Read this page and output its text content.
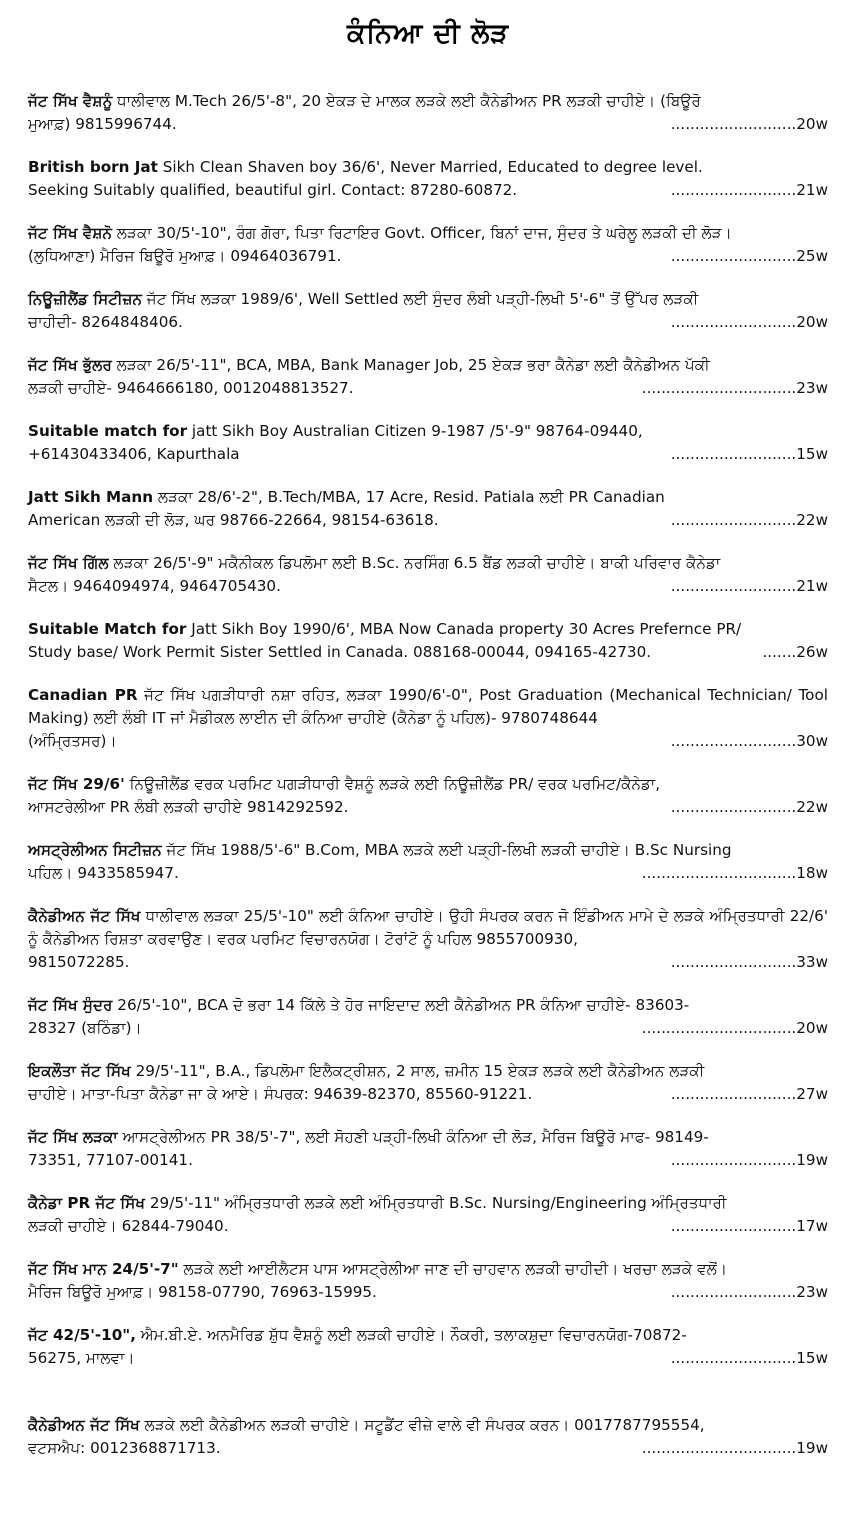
ਕੰਨਿਆ ਦੀ ਲੋੜ
ਜੱਟ ਸਿੱਖ ਵੈਸ਼ਨੂੰ ਧਾਲੀਵਾਲ M.Tech 26/5'-8", 20 ਏਕੜ ਦੇ ਮਾਲਕ ਲੜਕੇ ਲਈ ਕੈਨੇਡੀਅਨ PR ਲੜਕੀ ਚਾਹੀਏ। (ਬਿਊਰੋ
ਮੁਆਫ਼) 9815996744.	..........................20w
British born Jat Sikh Clean Shaven boy 36/6', Never Married, Educated to degree level.
Seeking Suitably qualified, beautiful girl. Contact: 87280-60872.	..........................21w
ਜੱਟ ਸਿੱਖ ਵੈਸ਼ਨੋ ਲੜਕਾ 30/5'-10", ਰੰਗ ਗੋਰਾ, ਪਿਤਾ ਰਿਟਾਇਰ Govt. Officer, ਬਿਨਾਂ ਦਾਜ, ਸੁੰਦਰ ਤੇ ਘਰੇਲੂ ਲੜਕੀ ਦੀ ਲੋੜ।
(ਲੁਧਿਆਣਾ) ਮੈਰਿਜ ਬਿਊਰੋ ਮੁਆਫ਼। 09464036791.	..........................25w
ਨਿਊਜ਼ੀਲੈਂਡ ਸਿਟੀਜ਼ਨ ਜੱਟ ਸਿੱਖ ਲੜਕਾ 1989/6', Well Settled ਲਈ ਸੁੰਦਰ ਲੰਬੀ ਪੜ੍ਹੀ-ਲਿਖੀ 5'-6" ਤੋਂ ਉੱਪਰ ਲੜਕੀ
ਚਾਹੀਦੀ- 8264848406.	..........................20w
ਜੱਟ ਸਿੱਖ ਭੁੱਲਰ ਲੜਕਾ 26/5'-11", BCA, MBA, Bank Manager Job, 25 ਏਕੜ ਭਰਾ ਕੈਨੇਡਾ ਲਈ ਕੈਨੇਡੀਅਨ ਪੱਕੀ
ਲੜਕੀ ਚਾਹੀਏ- 9464666180, 0012048813527.	................................23w
Suitable match for jatt Sikh Boy Australian Citizen 9-1987 /5'-9" 98764-09440,
+61430433406, Kapurthala	..........................15w
Jatt Sikh Mann ਲੜਕਾ 28/6'-2", B.Tech/MBA, 17 Acre, Resid. Patiala ਲਈ PR Canadian
American ਲੜਕੀ ਦੀ ਲੋੜ, ਘਰ 98766-22664, 98154-63618.	..........................22w
ਜੱਟ ਸਿੱਖ ਗਿੱਲ ਲੜਕਾ 26/5'-9" ਮਕੈਨੀਕਲ ਡਿਪਲੋਮਾ ਲਈ B.Sc. ਨਰਸਿੰਗ 6.5 ਬੈਂਡ ਲੜਕੀ ਚਾਹੀਏ। ਬਾਕੀ ਪਰਿਵਾਰ ਕੈਨੇਡਾ
ਸੈਟਲ। 9464094974, 9464705430.	..........................21w
Suitable Match for Jatt Sikh Boy 1990/6', MBA Now Canada property 30 Acres Prefernce PR/
Study base/ Work Permit Sister Settled in Canada. 088168-00044, 094165-42730.	.......26w
Canadian PR ਜੱਟ ਸਿੱਖ ਪਗੜੀਧਾਰੀ ਨਸ਼ਾ ਰਹਿਤ, ਲੜਕਾ 1990/6'-0", Post Graduation (Mechanical Technician/ Tool Making) ਲਈ ਲੰਬੀ IT ਜਾਂ ਮੈਡੀਕਲ ਲਾਈਨ ਦੀ ਕੰਨਿਆ ਚਾਹੀਏ (ਕੈਨੇਡਾ ਨੂੰ ਪਹਿਲ)- 9780748644
(ਅੰਮ੍ਰਿਤਸਰ)।	..........................30w
ਜੱਟ ਸਿੱਖ 29/6' ਨਿਊਜ਼ੀਲੈਂਡ ਵਰਕ ਪਰਮਿਟ ਪਗੜੀਧਾਰੀ ਵੈਸ਼ਨੂੰ ਲੜਕੇ ਲਈ ਨਿਊਜ਼ੀਲੈਂਡ PR/ ਵਰਕ ਪਰਮਿਟ/ਕੈਨੇਡਾ,
ਆਸਟਰੇਲੀਆ PR ਲੰਬੀ ਲੜਕੀ ਚਾਹੀਏ 9814292592.	..........................22w
ਅਸਟ੍ਰੇਲੀਅਨ ਸਿਟੀਜ਼ਨ ਜੱਟ ਸਿੱਖ 1988/5'-6" B.Com, MBA ਲੜਕੇ ਲਈ ਪੜ੍ਹੀ-ਲਿਖੀ ਲੜਕੀ ਚਾਹੀਏ। B.Sc Nursing
ਪਹਿਲ। 9433585947.	................................18w
ਕੈਨੇਡੀਅਨ ਜੱਟ ਸਿੱਖ ਧਾਲੀਵਾਲ ਲੜਕਾ 25/5'-10" ਲਈ ਕੰਨਿਆ ਚਾਹੀਏ। ਉਹੀ ਸੰਪਰਕ ਕਰਨ ਜੋ ਇੰਡੀਅਨ ਮਾਮੇ ਦੇ ਲੜਕੇ ਅੰਮ੍ਰਿਤਧਾਰੀ 22/6' ਨੂੰ ਕੈਨੇਡੀਅਨ ਰਿਸ਼ਤਾ ਕਰਵਾਉਣ। ਵਰਕ ਪਰਮਿਟ ਵਿਚਾਰਨਯੋਗ। ਟੋਰਾਂਟੋ ਨੂੰ ਪਹਿਲ 9855700930,
9815072285.	..........................33w
ਜੱਟ ਸਿੱਖ ਸੁੰਦਰ 26/5'-10", BCA ਦੋ ਭਰਾ 14 ਕਿੱਲੇ ਤੇ ਹੋਰ ਜਾਇਦਾਦ ਲਈ ਕੈਨੇਡੀਅਨ PR ਕੰਨਿਆ ਚਾਹੀਏ- 83603-
28327 (ਬਠਿੰਡਾ)।	................................20w
ਇਕਲੌਤਾ ਜੱਟ ਸਿੱਖ 29/5'-11", B.A., ਡਿਪਲੋਮਾ ਇਲੈਕਟ੍ਰੀਸ਼ਨ, 2 ਸਾਲ, ਜ਼ਮੀਨ 15 ਏਕੜ ਲੜਕੇ ਲਈ ਕੈਨੇਡੀਅਨ ਲੜਕੀ
ਚਾਹੀਏ। ਮਾਤਾ-ਪਿਤਾ ਕੈਨੇਡਾ ਜਾ ਕੇ ਆਏ। ਸੰਪਰਕ: 94639-82370, 85560-91221.	..........................27w
ਜੱਟ ਸਿੱਖ ਲੜਕਾ ਆਸਟ੍ਰੇਲੀਅਨ PR 38/5'-7", ਲਈ ਸੋਹਣੀ ਪੜ੍ਹੀ-ਲਿਖੀ ਕੰਨਿਆ ਦੀ ਲੋੜ, ਮੈਰਿਜ ਬਿਊਰੋ ਮਾਫ- 98149-
73351, 77107-00141.	..........................19w
ਕੈਨੇਡਾ PR ਜੱਟ ਸਿੱਖ 29/5'-11" ਅੰਮ੍ਰਿਤਧਾਰੀ ਲੜਕੇ ਲਈ ਅੰਮ੍ਰਿਤਧਾਰੀ B.Sc. Nursing/Engineering ਅੰਮ੍ਰਿਤਧਾਰੀ
ਲੜਕੀ ਚਾਹੀਏ। 62844-79040.	..........................17w
ਜੱਟ ਸਿੱਖ ਮਾਨ 24/5'-7" ਲੜਕੇ ਲਈ ਆਈਲੈਟਸ ਪਾਸ ਆਸਟ੍ਰੇਲੀਆ ਜਾਣ ਦੀ ਚਾਹਵਾਨ ਲੜਕੀ ਚਾਹੀਦੀ। ਖਰਚਾ ਲੜਕੇ ਵਲੋਂ।
ਮੈਰਿਜ ਬਿਊਰੋ ਮੁਆਫ਼। 98158-07790, 76963-15995.	..........................23w
ਜੱਟ 42/5'-10", ਐਮ.ਬੀ.ਏ. ਅਨਮੈਰਿਡ ਸ਼ੁੱਧ ਵੈਸ਼ਨੂੰ ਲਈ ਲੜਕੀ ਚਾਹੀਏ। ਨੌਕਰੀ, ਤਲਾਕਸ਼ੁਦਾ ਵਿਚਾਰਨਯੋਗ-70872-
56275, ਮਾਲਵਾ।	..........................15w
ਕੈਨੇਡੀਅਨ ਜੱਟ ਸਿੱਖ ਲੜਕੇ ਲਈ ਕੈਨੇਡੀਅਨ ਲੜਕੀ ਚਾਹੀਏ। ਸਟੂਡੈਂਟ ਵੀਜ਼ੇ ਵਾਲੇ ਵੀ ਸੰਪਰਕ ਕਰਨ। 0017787795554,
ਵਟਸਐਪ: 0012368871713.	................................19w
